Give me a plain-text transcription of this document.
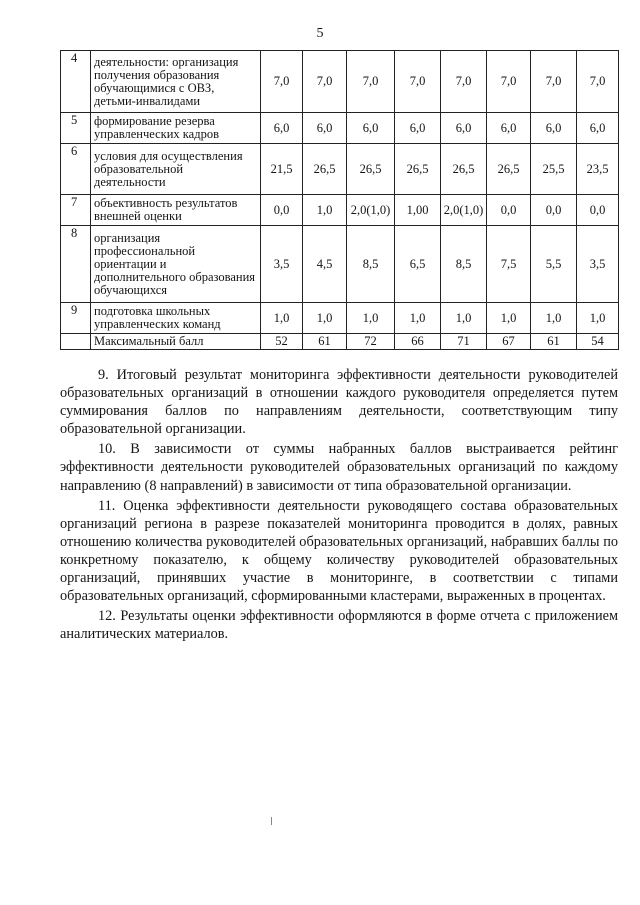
5
4	деятельности: организация получения образования обучающимися с ОВЗ, детьми-инвалидами	7,0	7,0	7,0	7,0	7,0	7,0	7,0	7,0
5	формирование резерва управленческих кадров	6,0	6,0	6,0	6,0	6,0	6,0	6,0	6,0
6	условия для осуществления образовательной деятельности	21,5	26,5	26,5	26,5	26,5	26,5	25,5	23,5
7	объективность результатов внешней оценки	0,0	1,0	2,0(1,0)	1,00	2,0(1,0)	0,0	0,0	0,0
8	организация профессиональной ориентации и дополнительного образования обучающихся	3,5	4,5	8,5	6,5	8,5	7,5	5,5	3,5
9	подготовка школьных управленческих команд	1,0	1,0	1,0	1,0	1,0	1,0	1,0	1,0
	Максимальный балл	52	61	72	66	71	67	61	54

9. Итоговый результат мониторинга эффективности деятельности руководителей образовательных организаций в отношении каждого руководителя определяется путем суммирования баллов по направлениям деятельности, соответствующим типу образовательной организации.

10. В зависимости от суммы набранных баллов выстраивается рейтинг эффективности деятельности руководителей образовательных организаций по каждому направлению (8 направлений) в зависимости от типа образовательной организации.

11. Оценка эффективности деятельности руководящего состава образовательных организаций региона в разрезе показателей мониторинга проводится в долях, равных отношению количества руководителей образовательных организаций, набравших баллы по конкретному показателю, к общему количеству руководителей образовательных организаций, принявших участие в мониторинге, в соответствии с типами образовательных организаций, сформированными кластерами, выраженных в процентах.

12. Результаты оценки эффективности оформляются в форме отчета с приложением аналитических материалов.
